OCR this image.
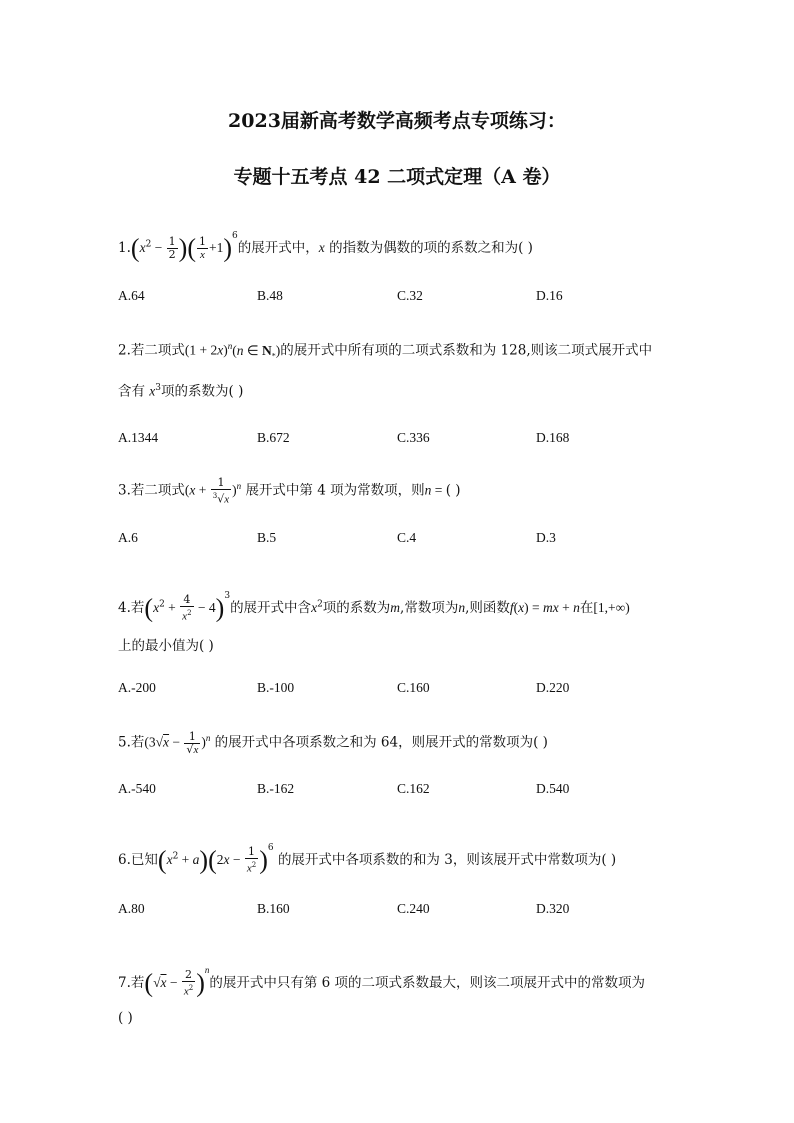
2023届新高考数学高频考点专项练习：
专题十五考点 42 二项式定理（A 卷）
$1.(x^2 - \frac{1}{2}$ )( $\frac{1}{x} +1)^6$的展开式中，x 的指数为偶数的项的系数之和为( )
A.64	B.48	C.32	D.16
2.若二项式$(1 + 2x)^n(n$ ∈ $N_*$)的展开式中所有项的二项式系数和为 128,则该二项式展开式中
含有 $x^3$项的系数为( )
A.1344	B.672	C.336	D.168
3.若二项式$(x + \frac{1}{^3√x} )^n$ 展开式中第 4 项为常数项，则n = ( )
A.6	B.5	C.4	D.3
4.若$(x^2 + \frac{4}{x^2} - 4)^3$的展开式中含$x^2$项的系数为m,常数项为n,则函数f(x) = mx + n在[1,+∞)
上的最小值为( )
A.-200	B.-100	C.160	D.220
5.若$(3√x - \frac{1}{√x} )^n$ 的展开式中各项系数之和为 64，则展开式的常数项为( )
A.-540	B.-162	C.162	D.540
6.已知$(x^2 + a)(2x - \frac{1}{x^2} )^6$ 的展开式中各项系数的和为 3，则该展开式中常数项为( )
A.80	B.160	C.240	D.320
7.若$(√x - \frac{2}{x^2} )^n$的展开式中只有第 6 项的二项式系数最大，则该二项展开式中的常数项为
( )
